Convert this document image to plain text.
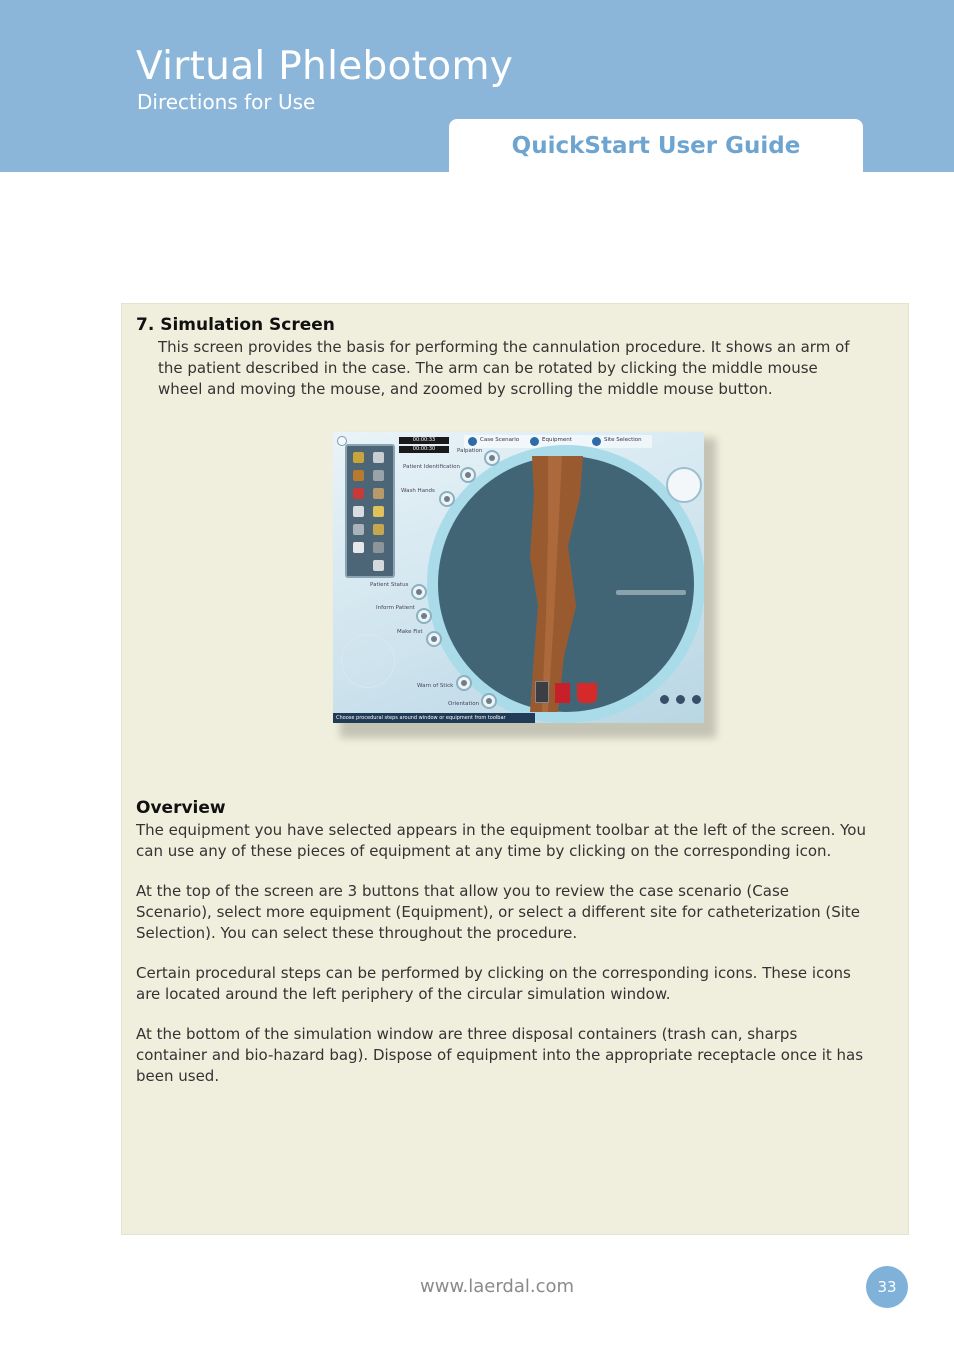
Virtual Phlebotomy
Directions for Use
QuickStart User Guide
7. Simulation Screen
This screen provides the basis for performing the cannulation procedure. It shows an arm of the patient described in the case. The arm can be rotated by clicking the middle mouse wheel and moving the mouse, and zoomed by scrolling the middle mouse button.
00:00:33
00:00:30
Case Scenario	Equipment	Site Selection
Palpation
Patient Identification
Wash Hands
Patient Status
Inform Patient
Make Fist
Warn of Stick
Orientation
Choose procedural steps around window or equipment from toolbar
Overview

The equipment you have selected appears in the equipment toolbar at the left of the screen. You can use any of these pieces of equipment at any time by clicking on the corresponding icon.

At the top of the screen are 3 buttons that allow you to review the case scenario (Case Scenario), select more equipment (Equipment), or select a different site for catheterization (Site Selection). You can select these throughout the procedure.

Certain procedural steps can be performed by clicking on the corresponding icons. These icons are located around the left periphery of the circular simulation window.

At the bottom of the simulation window are three disposal containers (trash can, sharps container and bio-hazard bag). Dispose of equipment into the appropriate receptacle once it has been used.

www.laerdal.com	33
